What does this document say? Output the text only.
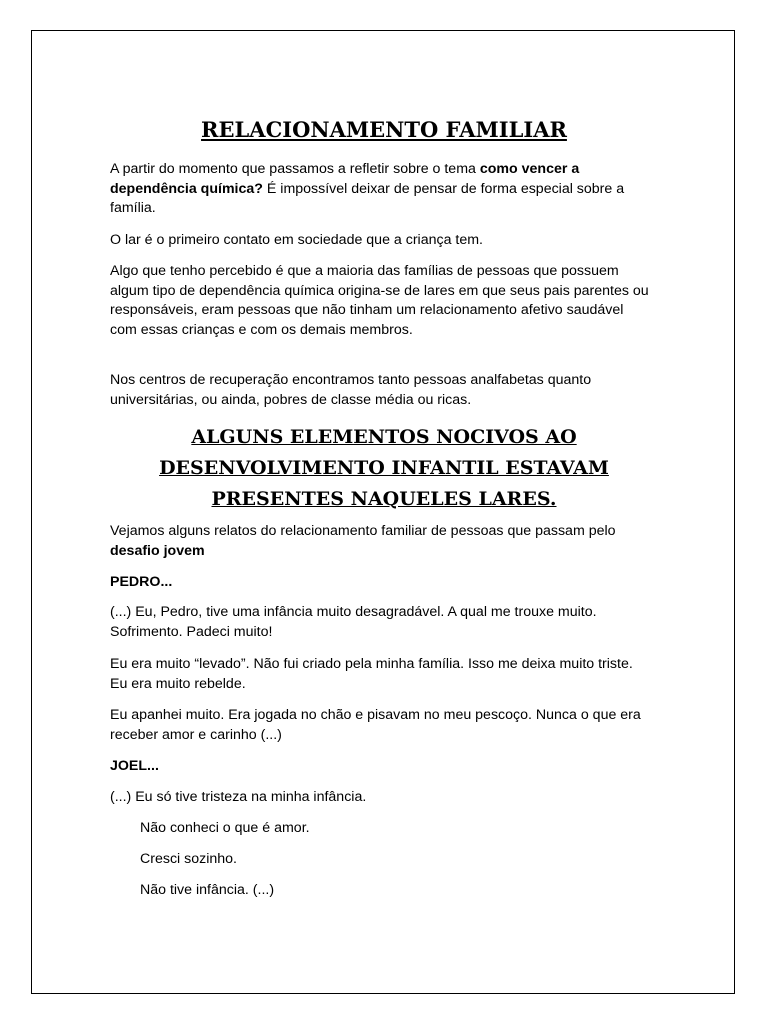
RELACIONAMENTO FAMILIAR

A partir do momento que passamos a refletir sobre o tema como vencer a dependência química? É impossível deixar de pensar de forma especial sobre a família.

O lar é o primeiro contato em sociedade que a criança tem.

Algo que tenho percebido é que a maioria das famílias de pessoas que possuem algum tipo de dependência química origina-se de lares em que seus pais parentes ou responsáveis, eram pessoas que não tinham um relacionamento afetivo saudável com essas crianças e com os demais membros.

Nos centros de recuperação encontramos tanto pessoas analfabetas quanto universitárias, ou ainda, pobres de classe média ou ricas.

ALGUNS ELEMENTOS NOCIVOS AO
DESENVOLVIMENTO INFANTIL ESTAVAM
PRESENTES NAQUELES LARES.

Vejamos alguns relatos do relacionamento familiar de pessoas que passam pelo desafio jovem

PEDRO...

(...) Eu, Pedro, tive uma infância muito desagradável. A qual me trouxe muito. Sofrimento. Padeci muito!

Eu era muito “levado”. Não fui criado pela minha família. Isso me deixa muito triste. Eu era muito rebelde.

Eu apanhei muito. Era jogada no chão e pisavam no meu pescoço. Nunca o que era receber amor e carinho (...)

JOEL...

(...) Eu só tive tristeza na minha infância.

Não conheci o que é amor.

Cresci sozinho.

Não tive infância. (...)
